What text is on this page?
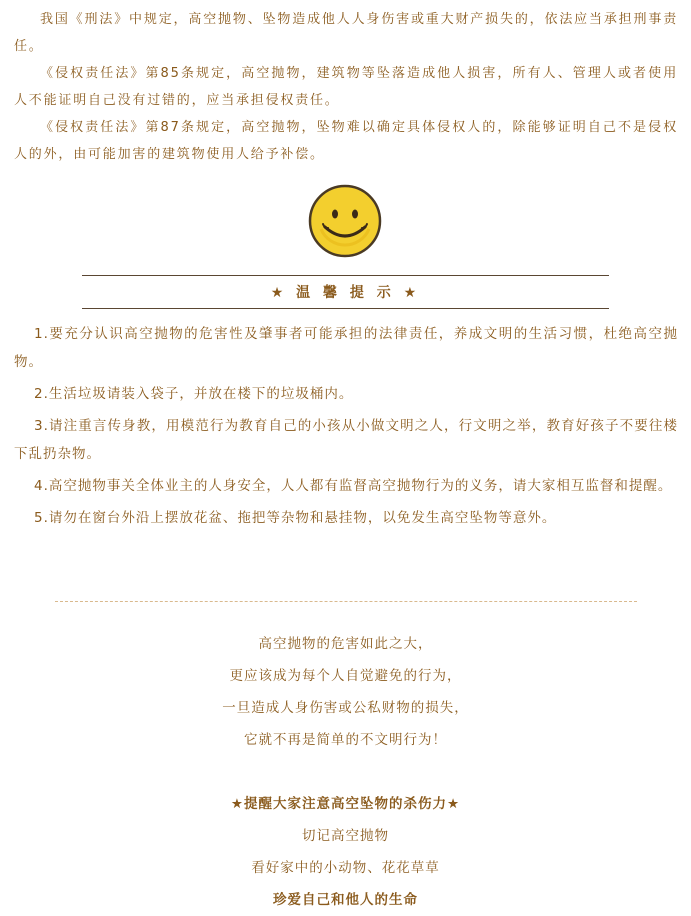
我国《刑法》中规定，高空抛物、坠物造成他人人身伤害或重大财产损失的，依法应当承担刑事责任。

《侵权责任法》第85条规定，高空抛物，建筑物等坠落造成他人损害，所有人、管理人或者使用人不能证明自己没有过错的，应当承担侵权责任。

《侵权责任法》第87条规定，高空抛物，坠物难以确定具体侵权人的，除能够证明自己不是侵权人的外，由可能加害的建筑物使用人给予补偿。

★ 温 馨 提 示 ★

1.要充分认识高空抛物的危害性及肇事者可能承担的法律责任，养成文明的生活习惯，杜绝高空抛物。

2.生活垃圾请装入袋子，并放在楼下的垃圾桶内。

3.请注重言传身教，用模范行为教育自己的小孩从小做文明之人，行文明之举，教育好孩子不要往楼下乱扔杂物。

4.高空抛物事关全体业主的人身安全，人人都有监督高空抛物行为的义务，请大家相互监督和提醒。

5.请勿在窗台外沿上摆放花盆、拖把等杂物和悬挂物，以免发生高空坠物等意外。

高空抛物的危害如此之大，
更应该成为每个人自觉避免的行为，
一旦造成人身伤害或公私财物的损失，
它就不再是简单的不文明行为！
★提醒大家注意高空坠物的杀伤力★
切记高空抛物
看好家中的小动物、花花草草
珍爱自己和他人的生命
